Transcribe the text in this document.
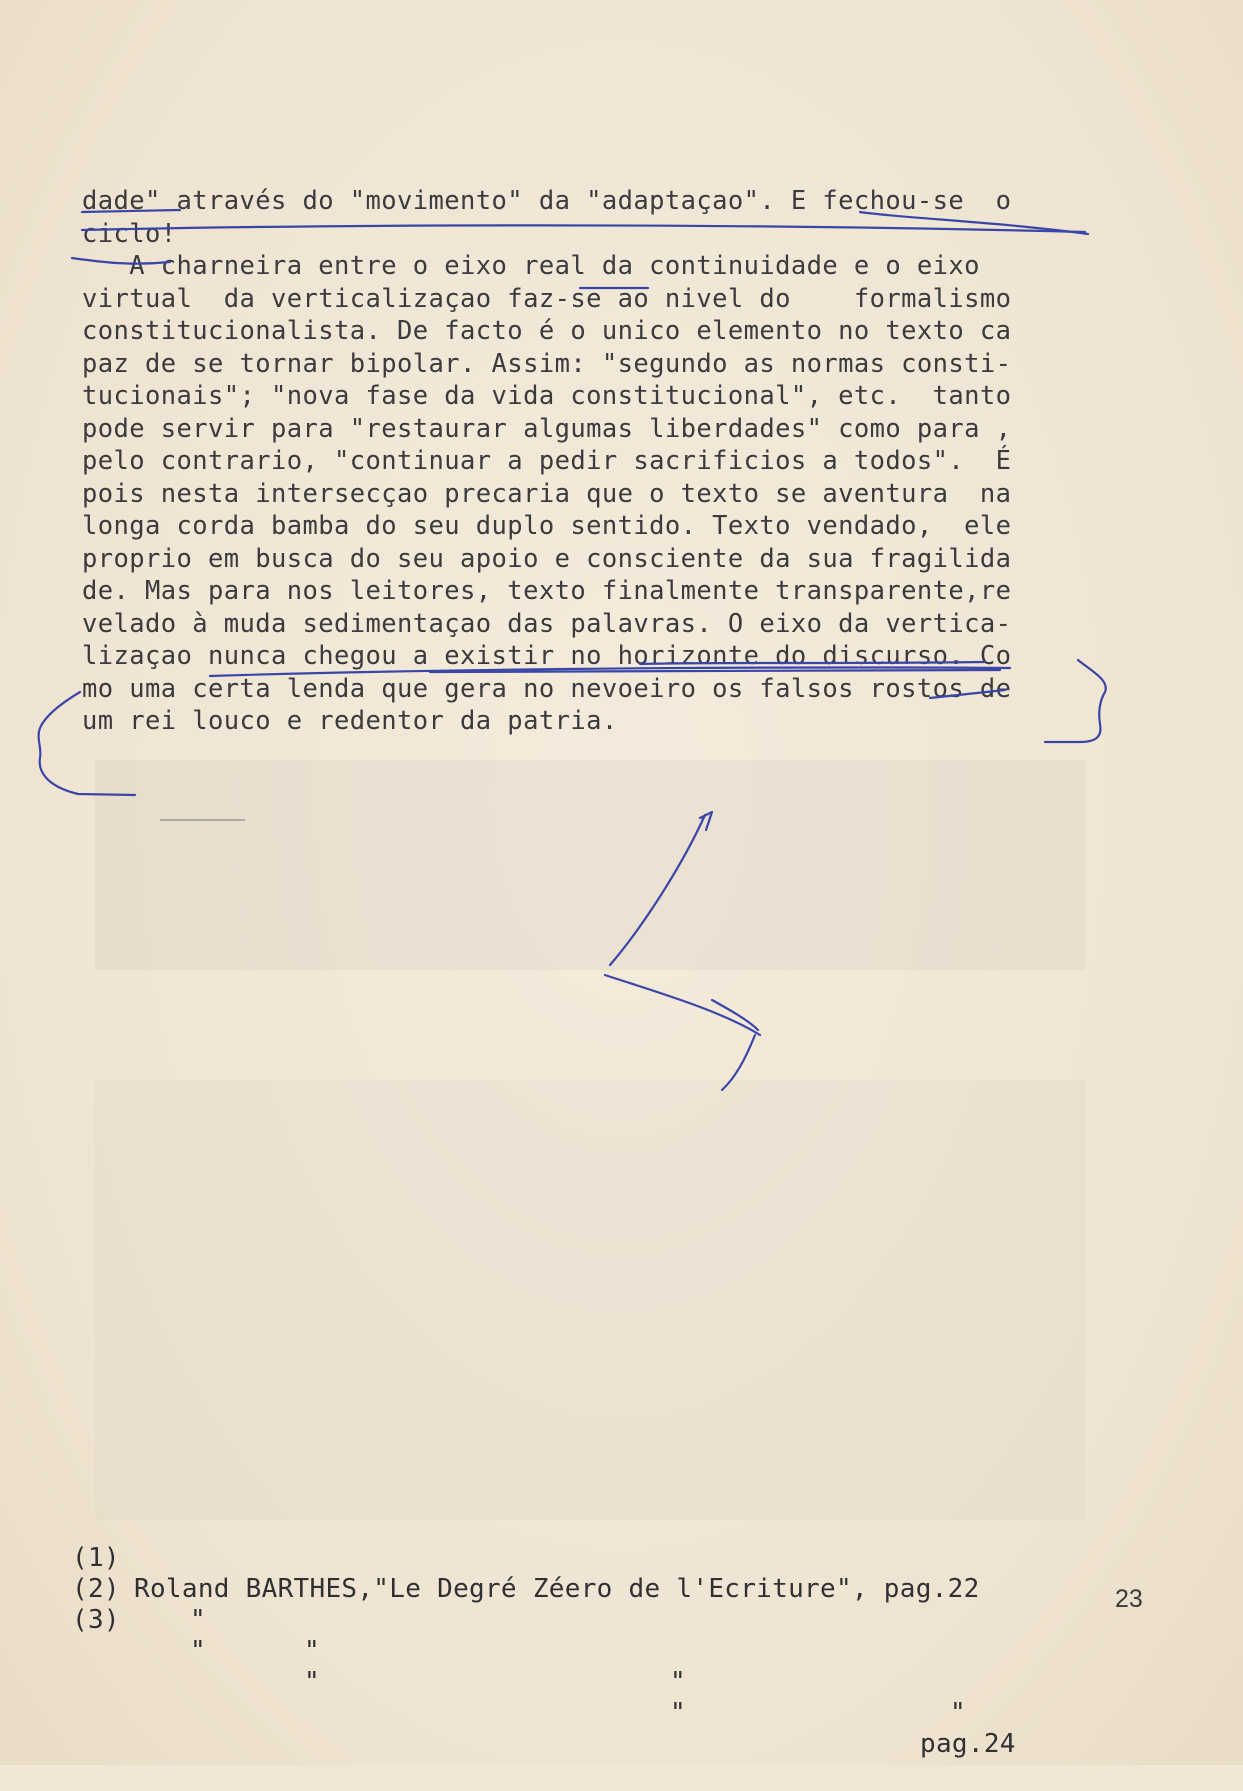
dade" através do "movimento" da "adaptaçao". E fechou-se  o
ciclo!
A charneira entre o eixo real da continuidade e o eixo
virtual  da verticalizaçao faz-se ao nivel do    formalismo
constitucionalista. De facto é o unico elemento no texto ca
paz de se tornar bipolar. Assim: "segundo as normas consti-
tucionais"; "nova fase da vida constitucional", etc.  tanto
pode servir para "restaurar algumas liberdades" como para ,
pelo contrario, "continuar a pedir sacrificios a todos".  É
pois nesta intersecçao precaria que o texto se aventura  na
longa corda bamba do seu duplo sentido. Texto vendado,  ele
proprio em busca do seu apoio e consciente da sua fragilida
de. Mas para nos leitores, texto finalmente transparente,re
velado à muda sedimentaçao das palavras. O eixo da vertica-
lizaçao nunca chegou a existir no horizonte do discurso. Co
mo uma certa lenda que gera no nevoeiro os falsos rostos de
um rei louco e redentor da patria.

(1)

Roland BARTHES,"Le Degré Zéero de l'Ecriture", pag.22

(2)

"

"

"

"

(3)

"

"

"

pag.24

23
